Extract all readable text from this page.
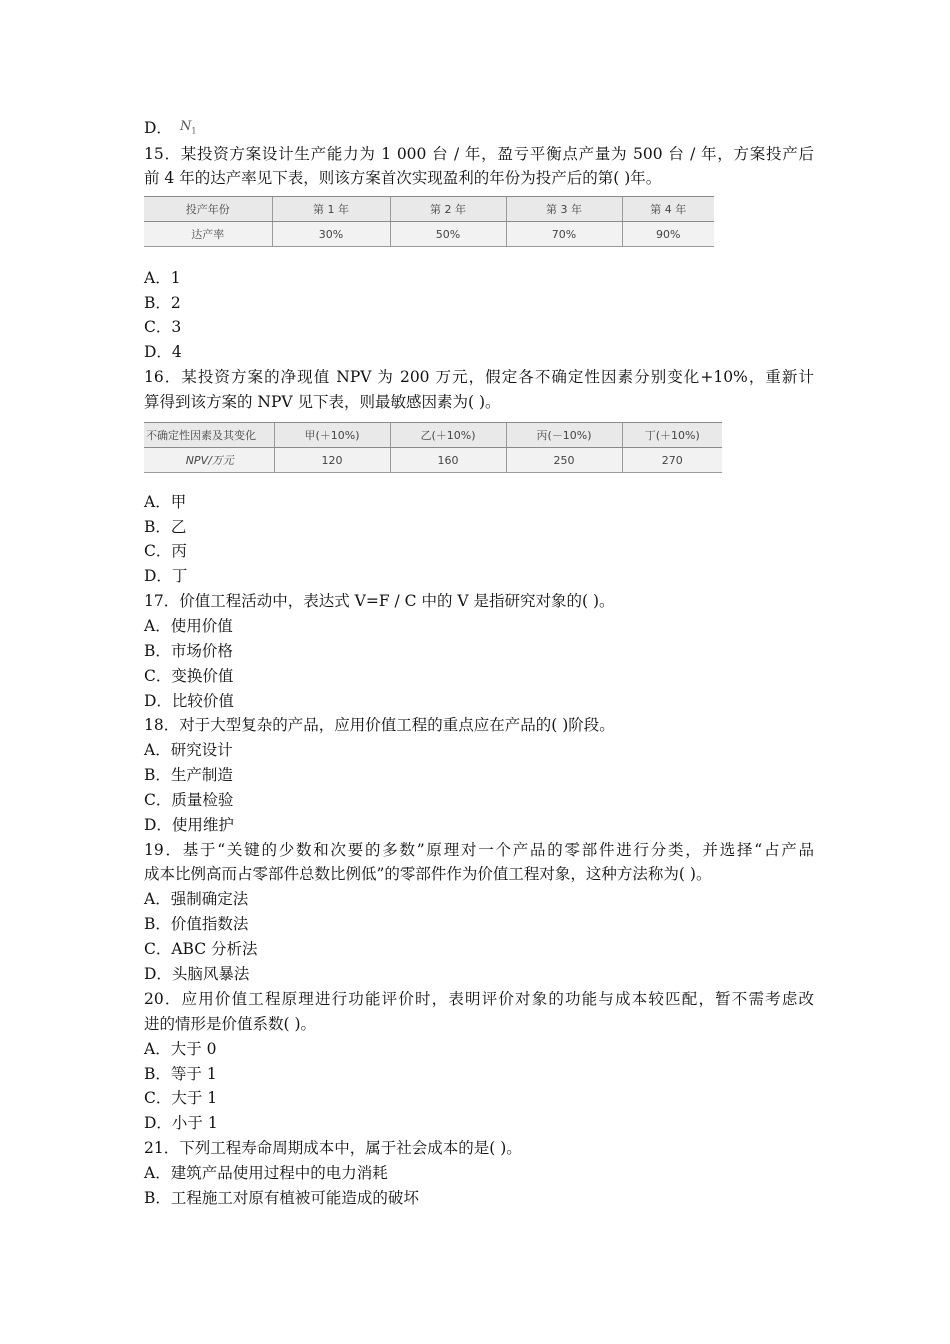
D． $N_1$
15．某投资方案设计生产能力为 1 000 台 / 年，盈亏平衡点产量为 500 台 / 年，方案投产后
前 4 年的达产率见下表，则该方案首次实现盈利的年份为投产后的第( )年。
投产年份	第 1 年	第 2 年	第 3 年	第 4 年
达产率	30%	50%	70%	90%
A．1
B．2
C．3
D．4
16．某投资方案的净现值 NPV 为 200 万元，假定各不确定性因素分别变化+10%，重新计
算得到该方案的 NPV 见下表，则最敏感因素为( )。
不确定性因素及其变化	甲(＋10%)	乙(＋10%)	丙(－10%)	丁(＋10%)
NPV/万元	120	160	250	270
A．甲
B．乙
C．丙
D．丁
17．价值工程活动中，表达式 V=F / C 中的 V 是指研究对象的( )。
A．使用价值
B．市场价格
C．变换价值
D．比较价值
18．对于大型复杂的产品，应用价值工程的重点应在产品的( )阶段。
A．研究设计
B．生产制造
C．质量检验
D．使用维护
19．基于“关键的少数和次要的多数”原理对一个产品的零部件进行分类，并选择“占产品
成本比例高而占零部件总数比例低”的零部件作为价值工程对象，这种方法称为( )。
A．强制确定法
B．价值指数法
C．ABC 分析法
D．头脑风暴法
20．应用价值工程原理进行功能评价时，表明评价对象的功能与成本较匹配，暂不需考虑改
进的情形是价值系数( )。
A．大于 0
B．等于 1
C．大于 1
D．小于 1
21．下列工程寿命周期成本中，属于社会成本的是( )。
A．建筑产品使用过程中的电力消耗
B．工程施工对原有植被可能造成的破坏
